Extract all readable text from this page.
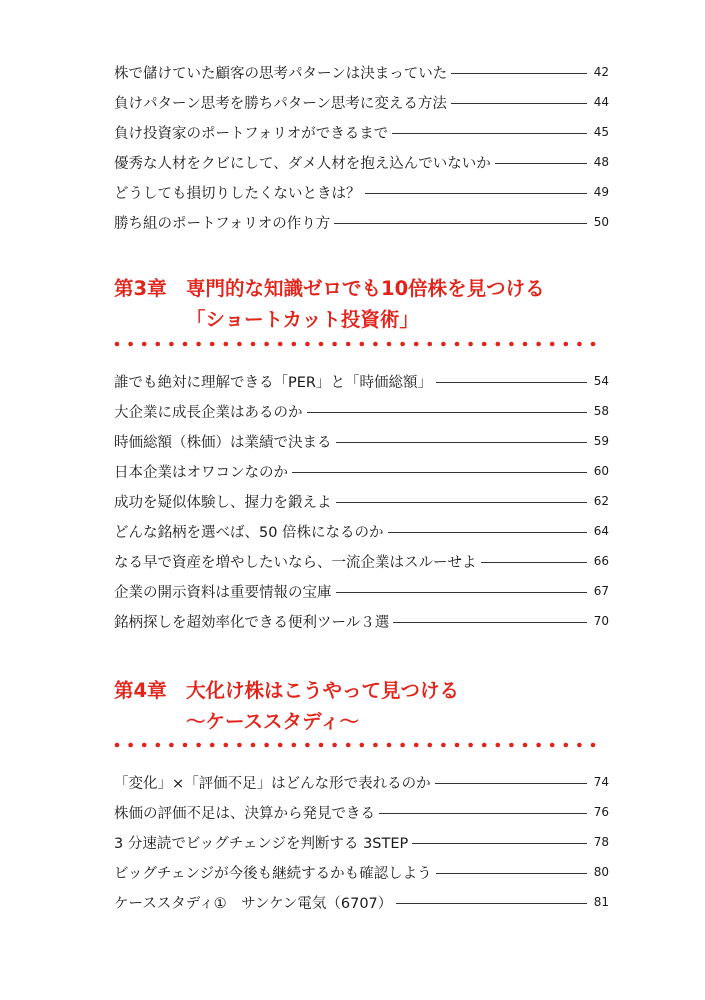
株で儲けていた顧客の思考パターンは決まっていた	42
負けパターン思考を勝ちパターン思考に変える方法	44
負け投資家のポートフォリオができるまで	45
優秀な人材をクビにして、ダメ人材を抱え込んでいないか	48
どうしても損切りしたくないときは？	49
勝ち組のポートフォリオの作り方	50
第3章 専門的な知識ゼロでも10倍株を見つける
「ショートカット投資術」
誰でも絶対に理解できる「PER」と「時価総額」	54
大企業に成長企業はあるのか	58
時価総額（株価）は業績で決まる	59
日本企業はオワコンなのか	60
成功を疑似体験し、握力を鍛えよ	62
どんな銘柄を選べば、50 倍株になるのか	64
なる早で資産を増やしたいなら、一流企業はスルーせよ	66
企業の開示資料は重要情報の宝庫	67
銘柄探しを超効率化できる便利ツール３選	70
第4章 大化け株はこうやって見つける
〜ケーススタディ〜
「変化」×「評価不足」はどんな形で表れるのか	74
株価の評価不足は、決算から発見できる	76
3 分速読でビッグチェンジを判断する 3STEP	78
ビッグチェンジが今後も継続するかも確認しよう	80
ケーススタディ①　サンケン電気（6707）	81
